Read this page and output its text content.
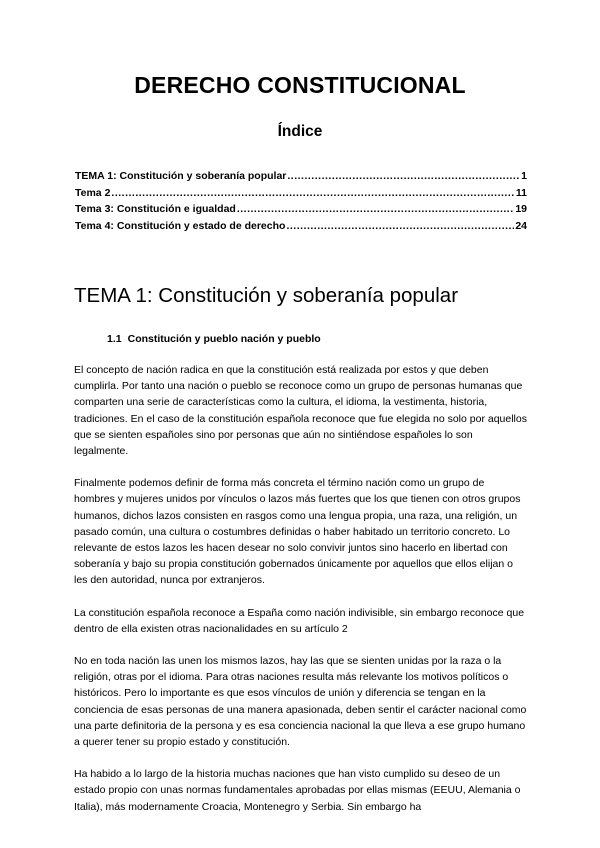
DERECHO CONSTITUCIONAL
Índice
TEMA 1: Constitución y soberanía popular .....	1
Tema 2 .....	11
Tema 3: Constitución e igualdad .....	19
Tema 4: Constitución y estado de derecho .....	24
TEMA 1: Constitución y soberanía popular
1.1 Constitución y pueblo nación y pueblo

El concepto de nación radica en que la constitución está realizada por estos y que deben cumplirla. Por tanto una nación o pueblo se reconoce como un grupo de personas humanas que comparten una serie de características como la cultura, el idioma, la vestimenta, historia, tradiciones. En el caso de la constitución española reconoce que fue elegida no solo por aquellos que se sienten españoles sino por personas que aún no sintiéndose españoles lo son legalmente.

Finalmente podemos definir de forma más concreta el término nación como un grupo de hombres y mujeres unidos por vínculos o lazos más fuertes que los que tienen con otros grupos humanos, dichos lazos consisten en rasgos como una lengua propia, una raza, una religión, un pasado común, una cultura o costumbres definidas o haber habitado un territorio concreto. Lo relevante de estos lazos les hacen desear no solo convivir juntos sino hacerlo en libertad con soberanía y bajo su propia constitución gobernados únicamente por aquellos que ellos elijan o les den autoridad, nunca por extranjeros.

La constitución española reconoce a España como nación indivisible, sin embargo reconoce que dentro de ella existen otras nacionalidades en su artículo 2

No en toda nación las unen los mismos lazos, hay las que se sienten unidas por la raza o la religión, otras por el idioma. Para otras naciones resulta más relevante los motivos políticos o históricos. Pero lo importante es que esos vínculos de unión y diferencia se tengan en la conciencia de esas personas de una manera apasionada, deben sentir el carácter nacional como una parte definitoria de la persona y es esa conciencia nacional la que lleva a ese grupo humano a querer tener su propio estado y constitución.

Ha habido a lo largo de la historia muchas naciones que han visto cumplido su deseo de un estado propio con unas normas fundamentales aprobadas por ellas mismas (EEUU, Alemania o Italia), más modernamente Croacia, Montenegro y Serbia. Sin embargo ha
